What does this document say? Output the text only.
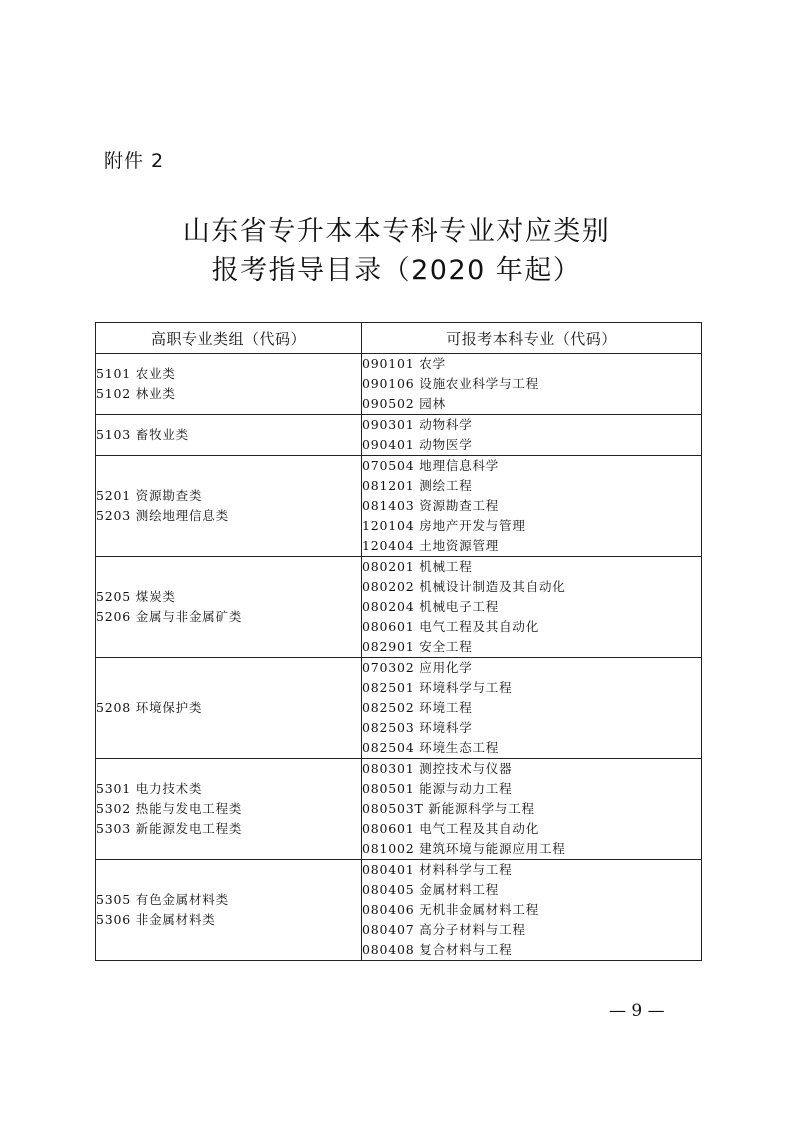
附件 2
山东省专升本本专科专业对应类别
报考指导目录（2020 年起）
高职专业类组（代码）	可报考本科专业（代码）

5101 农业类
5102 林业类	090101 农学
090106 设施农业科学与工程
090502 园林

5103 畜牧业类	090301 动物科学
090401 动物医学

5201 资源勘查类
5203 测绘地理信息类	070504 地理信息科学
081201 测绘工程
081403 资源勘查工程
120104 房地产开发与管理
120404 土地资源管理

5205 煤炭类
5206 金属与非金属矿类	080201 机械工程
080202 机械设计制造及其自动化
080204 机械电子工程
080601 电气工程及其自动化
082901 安全工程

5208 环境保护类	070302 应用化学
082501 环境科学与工程
082502 环境工程
082503 环境科学
082504 环境生态工程

5301 电力技术类
5302 热能与发电工程类
5303 新能源发电工程类	080301 测控技术与仪器
080501 能源与动力工程
080503T 新能源科学与工程
080601 电气工程及其自动化
081002 建筑环境与能源应用工程

5305 有色金属材料类
5306 非金属材料类	080401 材料科学与工程
080405 金属材料工程
080406 无机非金属材料工程
080407 高分子材料与工程
080408 复合材料与工程
— 9 —
